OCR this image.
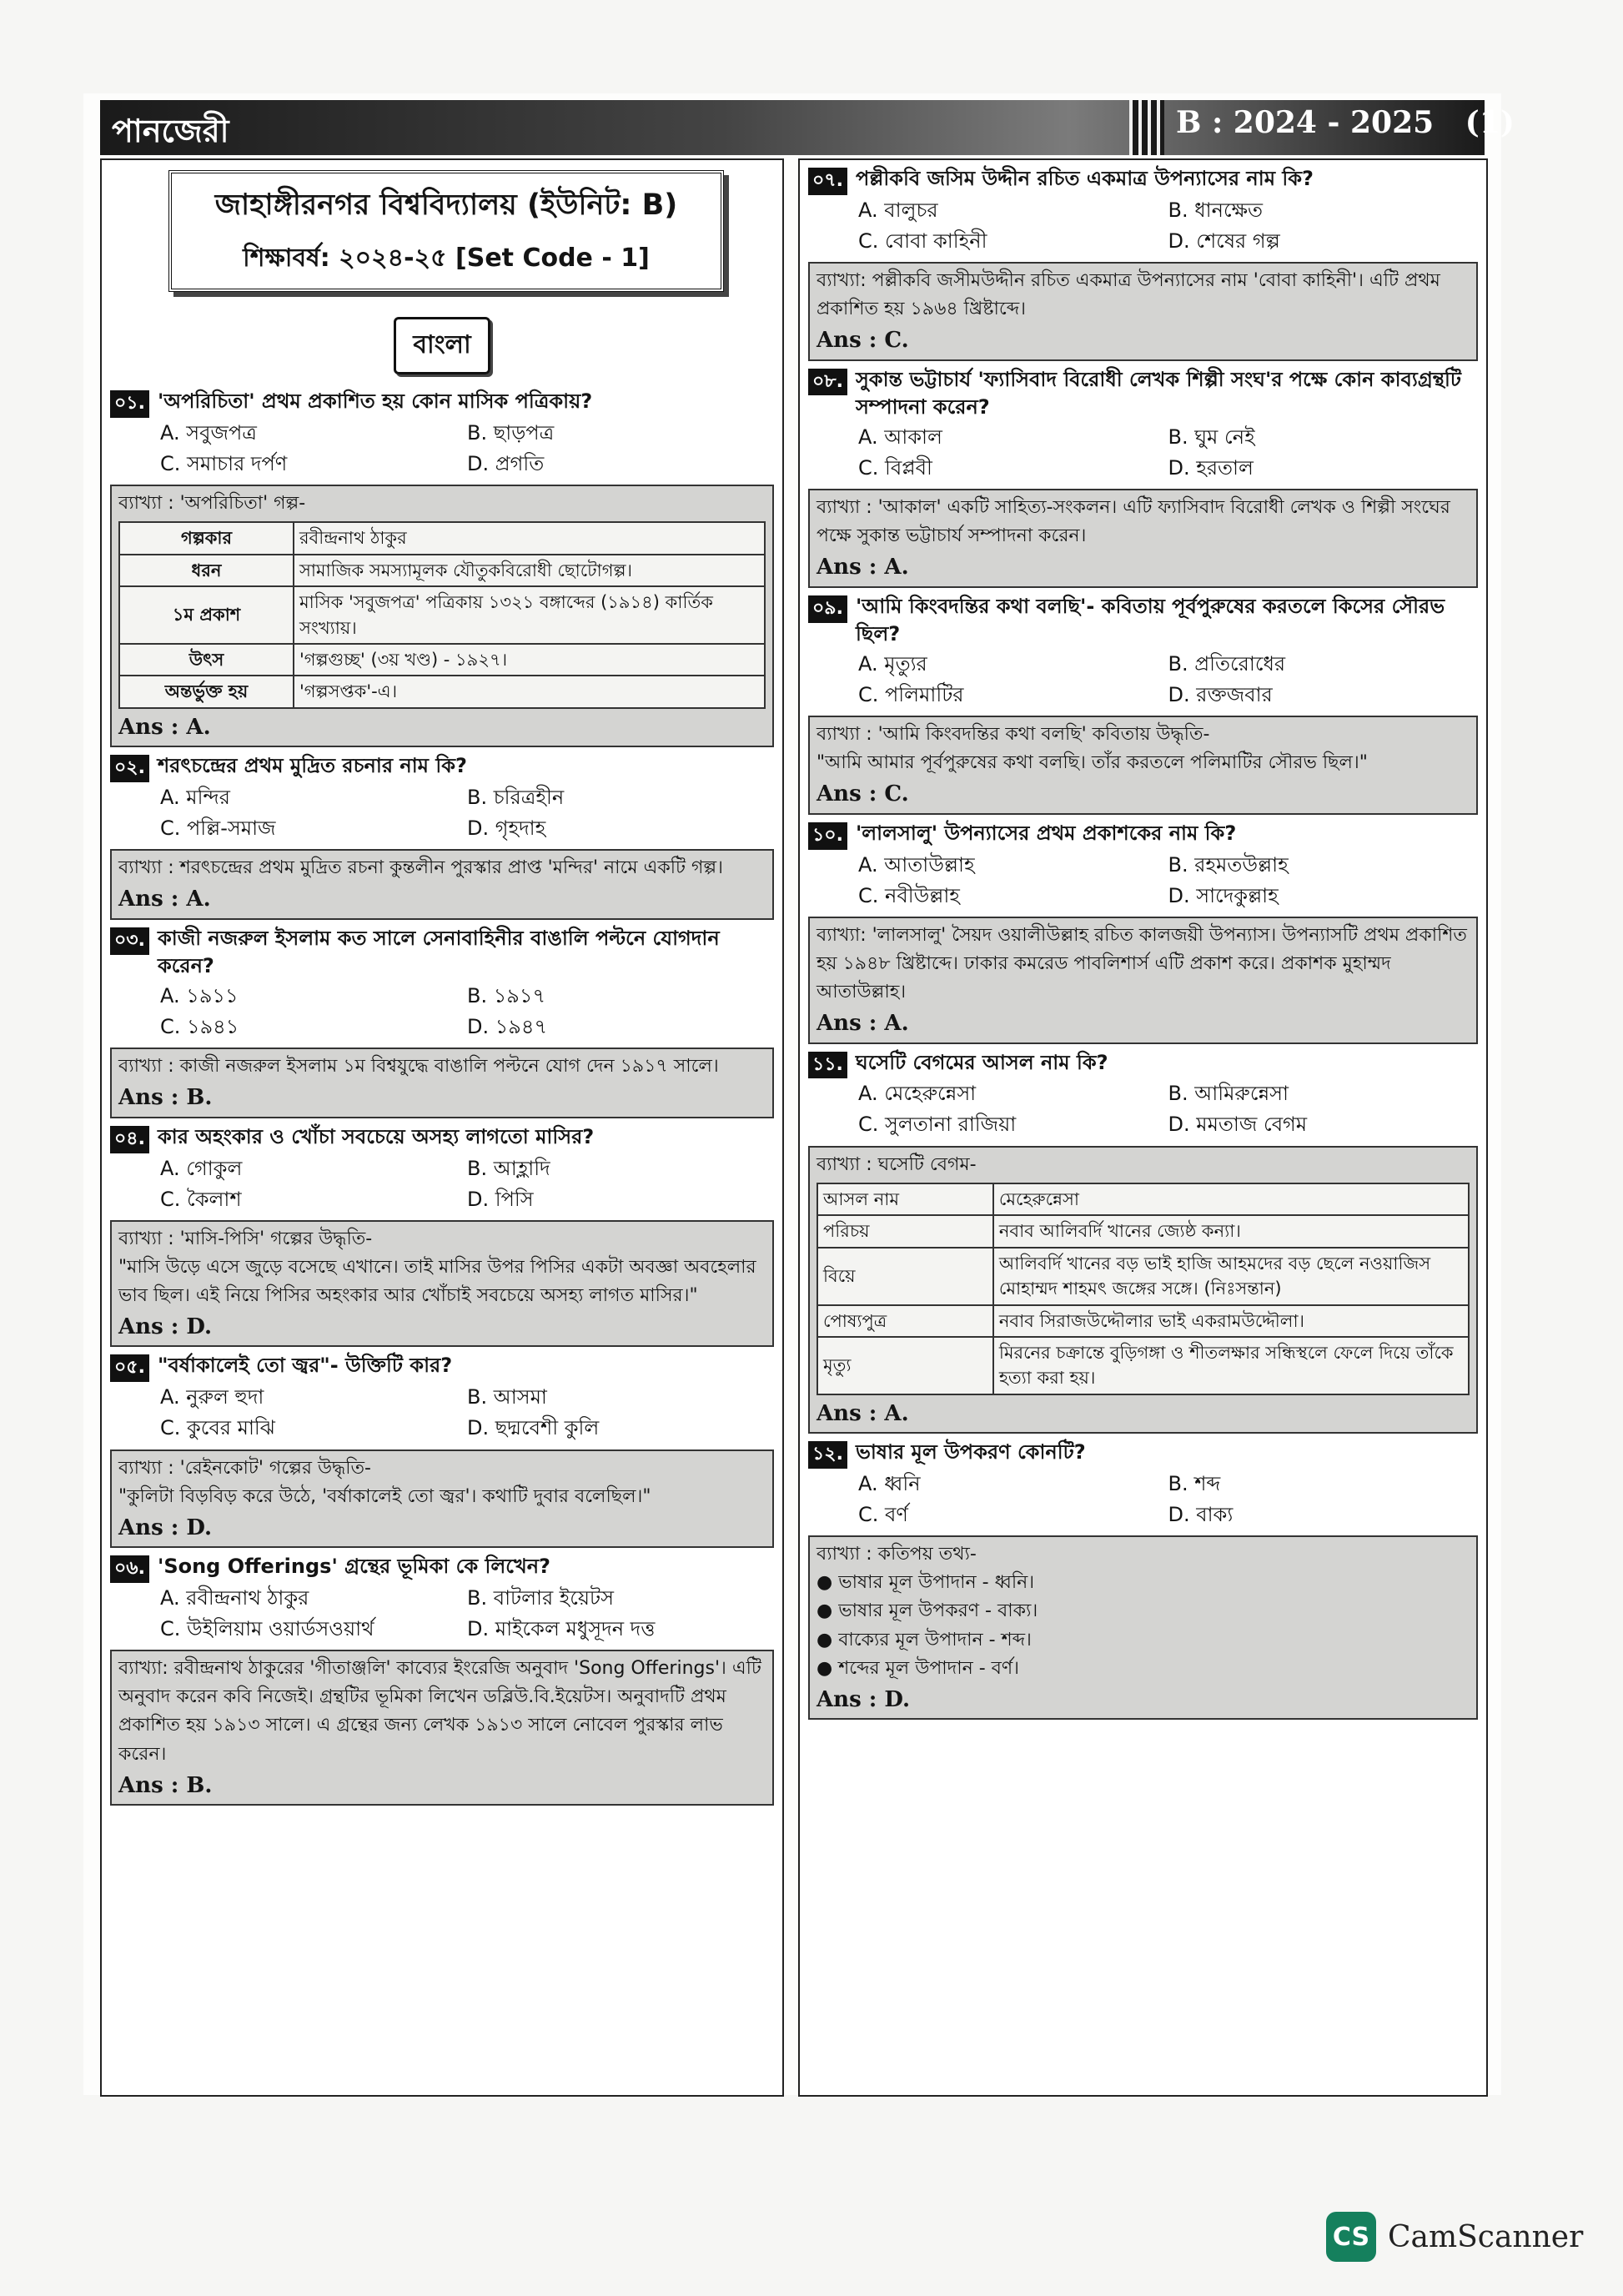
পানজেরী	B : 2024 - 2025   (1)
জাহাঙ্গীরনগর বিশ্ববিদ্যালয় (ইউনিট: B)
শিক্ষাবর্ষ: ২০২৪-২৫ [Set Code - 1]
বাংলা
০১. 'অপরিচিতা' প্রথম প্রকাশিত হয় কোন মাসিক পত্রিকায়?
A. সবুজপত্র	B. ছাড়পত্র
C. সমাচার দর্পণ	D. প্রগতি
ব্যাখ্যা : 'অপরিচিতা' গল্প-
গল্পকার	রবীন্দ্রনাথ ঠাকুর
ধরন	সামাজিক সমস্যামূলক যৌতুকবিরোধী ছোটোগল্প।
১ম প্রকাশ	মাসিক 'সবুজপত্র' পত্রিকায় ১৩২১ বঙ্গাব্দের (১৯১৪) কার্তিক সংখ্যায়।
উৎস	'গল্পগুচ্ছ' (৩য় খণ্ড) - ১৯২৭।
অন্তর্ভুক্ত হয়	'গল্পসপ্তক'-এ।
Ans : A.
০২. শরৎচন্দ্রের প্রথম মুদ্রিত রচনার নাম কি?
A. মন্দির	B. চরিত্রহীন
C. পল্লি-সমাজ	D. গৃহদাহ
ব্যাখ্যা : শরৎচন্দ্রের প্রথম মুদ্রিত রচনা কুন্তলীন পুরস্কার প্রাপ্ত 'মন্দির' নামে একটি গল্প।
Ans : A.
০৩. কাজী নজরুল ইসলাম কত সালে সেনাবাহিনীর বাঙালি পল্টনে যোগদান করেন?
A. ১৯১১	B. ১৯১৭
C. ১৯৪১	D. ১৯৪৭
ব্যাখ্যা : কাজী নজরুল ইসলাম ১ম বিশ্বযুদ্ধে বাঙালি পল্টনে যোগ দেন ১৯১৭ সালে।
Ans : B.
০৪. কার অহংকার ও খোঁচা সবচেয়ে অসহ্য লাগতো মাসির?
A. গোকুল	B. আহ্লাদি
C. কৈলাশ	D. পিসি
ব্যাখ্যা : 'মাসি-পিসি' গল্পের উদ্ধৃতি-
"মাসি উড়ে এসে জুড়ে বসেছে এখানে। তাই মাসির উপর পিসির একটা অবজ্ঞা অবহেলার ভাব ছিল। এই নিয়ে পিসির অহংকার আর খোঁচাই সবচেয়ে অসহ্য লাগত মাসির।"
Ans : D.
০৫. "বর্ষাকালেই তো জ্বর"- উক্তিটি কার?
A. নুরুল হুদা	B. আসমা
C. কুবের মাঝি	D. ছদ্মবেশী কুলি
ব্যাখ্যা : 'রেইনকোট' গল্পের উদ্ধৃতি-
"কুলিটা বিড়বিড় করে উঠে, 'বর্ষাকালেই তো জ্বর'। কথাটি দুবার বলেছিল।"
Ans : D.
০৬. 'Song Offerings' গ্রন্থের ভূমিকা কে লিখেন?
A. রবীন্দ্রনাথ ঠাকুর	B. বাটলার ইয়েটস
C. উইলিয়াম ওয়ার্ডসওয়ার্থ	D. মাইকেল মধুসূদন দত্ত
ব্যাখ্যা: রবীন্দ্রনাথ ঠাকুরের 'গীতাঞ্জলি' কাব্যের ইংরেজি অনুবাদ 'Song Offerings'। এটি অনুবাদ করেন কবি নিজেই। গ্রন্থটির ভূমিকা লিখেন ডব্লিউ.বি.ইয়েটস। অনুবাদটি প্রথম প্রকাশিত হয় ১৯১৩ সালে। এ গ্রন্থের জন্য লেখক ১৯১৩ সালে নোবেল পুরস্কার লাভ করেন।
Ans : B.
০৭. পল্লীকবি জসিম উদ্দীন রচিত একমাত্র উপন্যাসের নাম কি?
A. বালুচর	B. ধানক্ষেত
C. বোবা কাহিনী	D. শেষের গল্প
ব্যাখ্যা: পল্লীকবি জসীমউদ্দীন রচিত একমাত্র উপন্যাসের নাম 'বোবা কাহিনী'। এটি প্রথম প্রকাশিত হয় ১৯৬৪ খ্রিষ্টাব্দে।
Ans : C.
০৮. সুকান্ত ভট্টাচার্য 'ফ্যাসিবাদ বিরোধী লেখক শিল্পী সংঘ'র পক্ষে কোন কাব্যগ্রন্থটি সম্পাদনা করেন?
A. আকাল	B. ঘুম নেই
C. বিপ্লবী	D. হরতাল
ব্যাখ্যা : 'আকাল' একটি সাহিত্য-সংকলন। এটি ফ্যাসিবাদ বিরোধী লেখক ও শিল্পী সংঘের পক্ষে সুকান্ত ভট্টাচার্য সম্পাদনা করেন।
Ans : A.
০৯. 'আমি কিংবদন্তির কথা বলছি'- কবিতায় পূর্বপুরুষের করতলে কিসের সৌরভ ছিল?
A. মৃত্যুর	B. প্রতিরোধের
C. পলিমাটির	D. রক্তজবার
ব্যাখ্যা : 'আমি কিংবদন্তির কথা বলছি' কবিতায় উদ্ধৃতি-
"আমি আমার পূর্বপুরুষের কথা বলছি। তাঁর করতলে পলিমাটির সৌরভ ছিল।"
Ans : C.
১০. 'লালসালু' উপন্যাসের প্রথম প্রকাশকের নাম কি?
A. আতাউল্লাহ	B. রহমতউল্লাহ
C. নবীউল্লাহ	D. সাদেকুল্লাহ
ব্যাখ্যা: 'লালসালু' সৈয়দ ওয়ালীউল্লাহ রচিত কালজয়ী উপন্যাস। উপন্যাসটি প্রথম প্রকাশিত হয় ১৯৪৮ খ্রিষ্টাব্দে। ঢাকার কমরেড পাবলিশার্স এটি প্রকাশ করে। প্রকাশক মুহাম্মদ আতাউল্লাহ।
Ans : A.
১১. ঘসেটি বেগমের আসল নাম কি?
A. মেহেরুন্নেসা	B. আমিরুন্নেসা
C. সুলতানা রাজিয়া	D. মমতাজ বেগম
ব্যাখ্যা : ঘসেটি বেগম-
আসল নাম	মেহেরুন্নেসা
পরিচয়	নবাব আলিবর্দি খানের জ্যেষ্ঠ কন্যা।
বিয়ে	আলিবর্দি খানের বড় ভাই হাজি আহমদের বড় ছেলে নওয়াজিস মোহাম্মদ শাহমৎ জঙ্গের সঙ্গে। (নিঃসন্তান)
পোষ্যপুত্র	নবাব সিরাজউদ্দৌলার ভাই একরামউদ্দৌলা।
মৃত্যু	মিরনের চক্রান্তে বুড়িগঙ্গা ও শীতলক্ষার সন্ধিস্থলে ফেলে দিয়ে তাঁকে হত্যা করা হয়।
Ans : A.
১২. ভাষার মূল উপকরণ কোনটি?
A. ধ্বনি	B. শব্দ
C. বর্ণ	D. বাক্য
ব্যাখ্যা : কতিপয় তথ্য-
● ভাষার মূল উপাদান - ধ্বনি।
● ভাষার মূল উপকরণ - বাক্য।
● বাক্যের মূল উপাদান - শব্দ।
● শব্দের মূল উপাদান - বর্ণ।
Ans : D.
CS CamScanner
